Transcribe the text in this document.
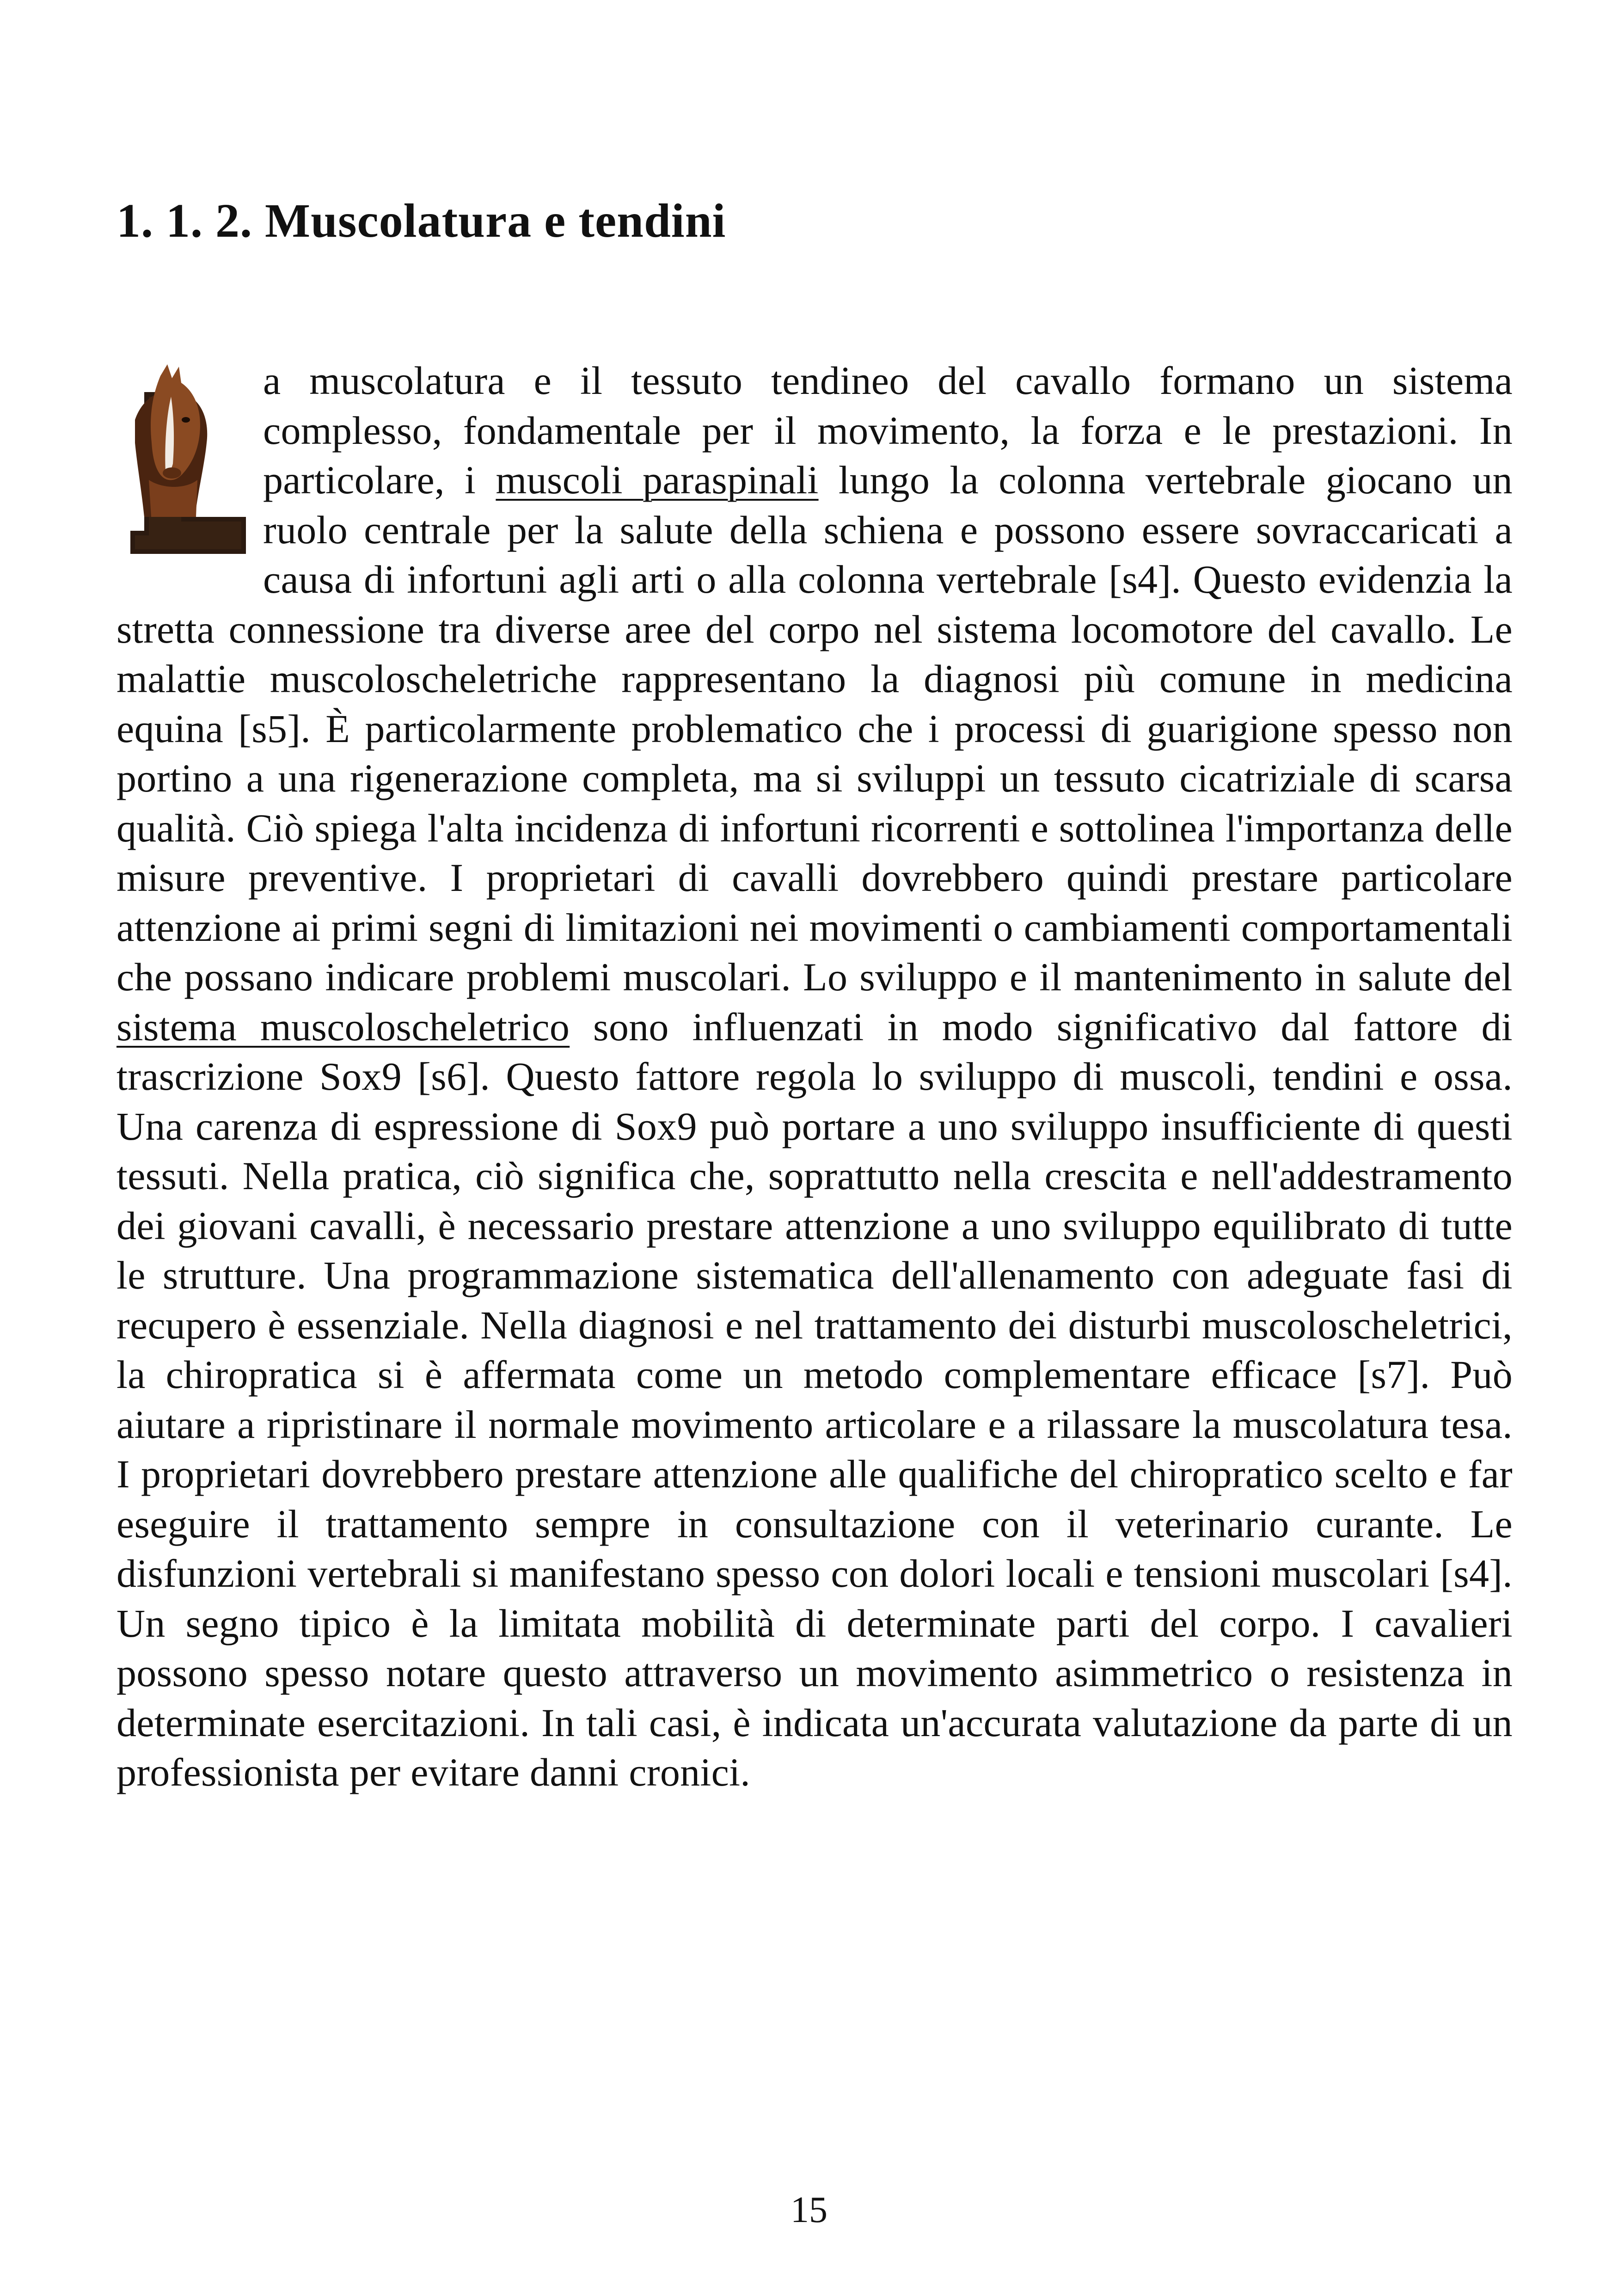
1. 1. 2. Muscolatura e tendini

a muscolatura e il tessuto tendineo del cavallo formano un sistema complesso, fondamentale per il movimento, la forza e le prestazioni. In particolare, i muscoli paraspinali lungo la colonna vertebrale giocano un ruolo centrale per la salute della schiena e possono essere sovraccaricati a causa di infortuni agli arti o alla colonna vertebrale [s4]. Questo evidenzia la stretta connessione tra diverse aree del corpo nel sistema locomotore del cavallo. Le malattie muscoloscheletriche rappresentano la diagnosi più comune in medicina equina [s5]. È particolarmente problematico che i processi di guarigione spesso non portino a una rigenerazione completa, ma si sviluppi un tessuto cicatriziale di scarsa qualità. Ciò spiega l'alta incidenza di infortuni ricorrenti e sottolinea l'importanza delle misure preventive. I proprietari di cavalli dovrebbero quindi prestare particolare attenzione ai primi segni di limitazioni nei movimenti o cambiamenti comportamentali che possano indicare problemi muscolari. Lo sviluppo e il mantenimento in salute del sistema muscoloscheletrico sono influenzati in modo significativo dal fattore di trascrizione Sox9 [s6]. Questo fattore regola lo sviluppo di muscoli, tendini e ossa. Una carenza di espressione di Sox9 può portare a uno sviluppo insufficiente di questi tessuti. Nella pratica, ciò significa che, soprattutto nella crescita e nell'addestramento dei giovani cavalli, è necessario prestare attenzione a uno sviluppo equilibrato di tutte le strutture. Una programmazione sistematica dell'allenamento con adeguate fasi di recupero è essenziale. Nella diagnosi e nel trattamento dei disturbi muscoloscheletrici, la chiropratica si è affermata come un metodo complementare efficace [s7]. Può aiutare a ripristinare il normale movimento articolare e a rilassare la muscolatura tesa. I proprietari dovrebbero prestare attenzione alle qualifiche del chiropratico scelto e far eseguire il trattamento sempre in consultazione con il veterinario curante. Le disfunzioni vertebrali si manifestano spesso con dolori locali e tensioni muscolari [s4]. Un segno tipico è la limitata mobilità di determinate parti del corpo. I cavalieri possono spesso notare questo attraverso un movimento asimmetrico o resistenza in determinate esercitazioni. In tali casi, è indicata un'accurata valutazione da parte di un professionista per evitare danni cronici.

15
